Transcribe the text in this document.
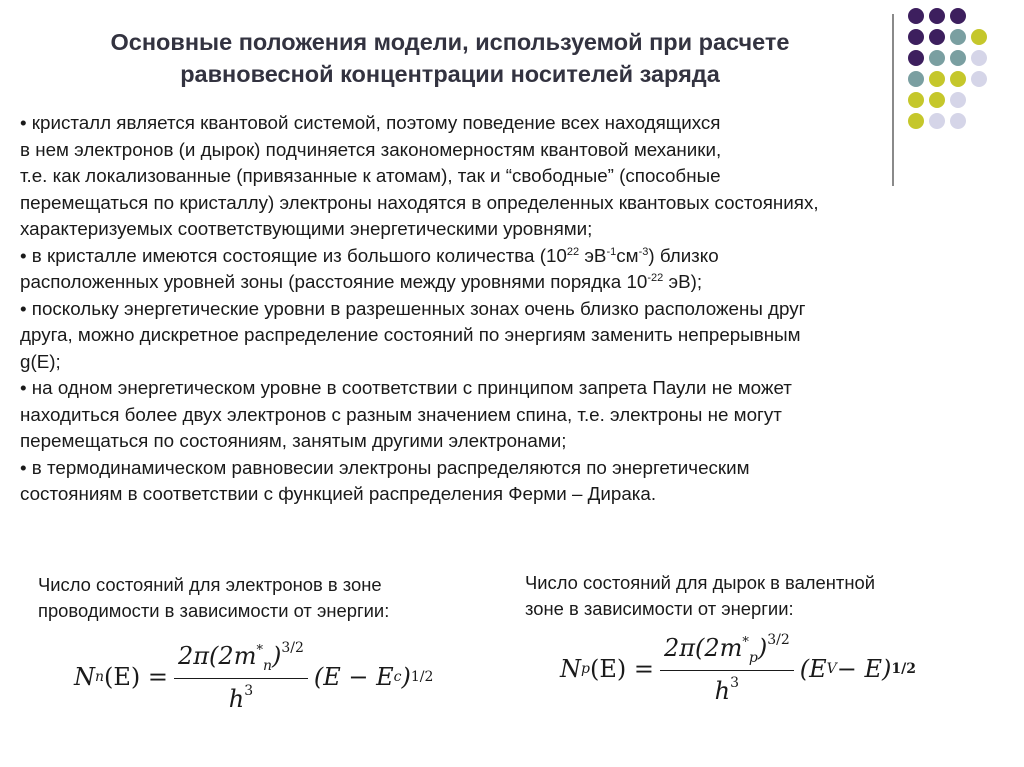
Основные положения модели, используемой при расчете
равновесной концентрации носителей заряда

• кристалл является квантовой системой, поэтому поведение всех находящихся
в нем электронов (и дырок) подчиняется закономерностям квантовой механики,
т.е. как локализованные (привязанные к атомам), так и “свободные” (способные
перемещаться по кристаллу) электроны находятся в определенных квантовых состояниях,
характеризуемых соответствующими энергетическими уровнями;

• в кристалле имеются состоящие из большого количества ($10^{22}$ $эВ^{-1}см^{-3}$) близко
расположенных уровней зоны (расстояние между уровнями порядка $10^{-22}$ эВ);

• поскольку энергетические уровни в разрешенных зонах очень близко расположены друг
друга, можно дискретное распределение состояний по энергиям заменить непрерывным
g(E);

• на одном энергетическом уровне в соответствии с принципом запрета Паули не может
находиться более двух электронов с разным значением спина, т.е. электроны не могут
перемещаться по состояниям, занятым другими электронами;

• в термодинамическом равновесии электроны распределяются по энергетическим
состояниям в соответствии с функцией распределения Ферми – Дирака.

Число состояний для электронов в зоне
проводимости в зависимости от энергии:
Число состояний для дырок в валентной
зоне в зависимости от энергии:
N n $(E) = \frac{2\pi(2m^*_n)^{3/2}}{h^3} (E - E$ c ) 1/2	N p $(E) = \frac{2\pi(2m^*_p)^{3/2}}{h^3} (E$ V − E) 1/2
